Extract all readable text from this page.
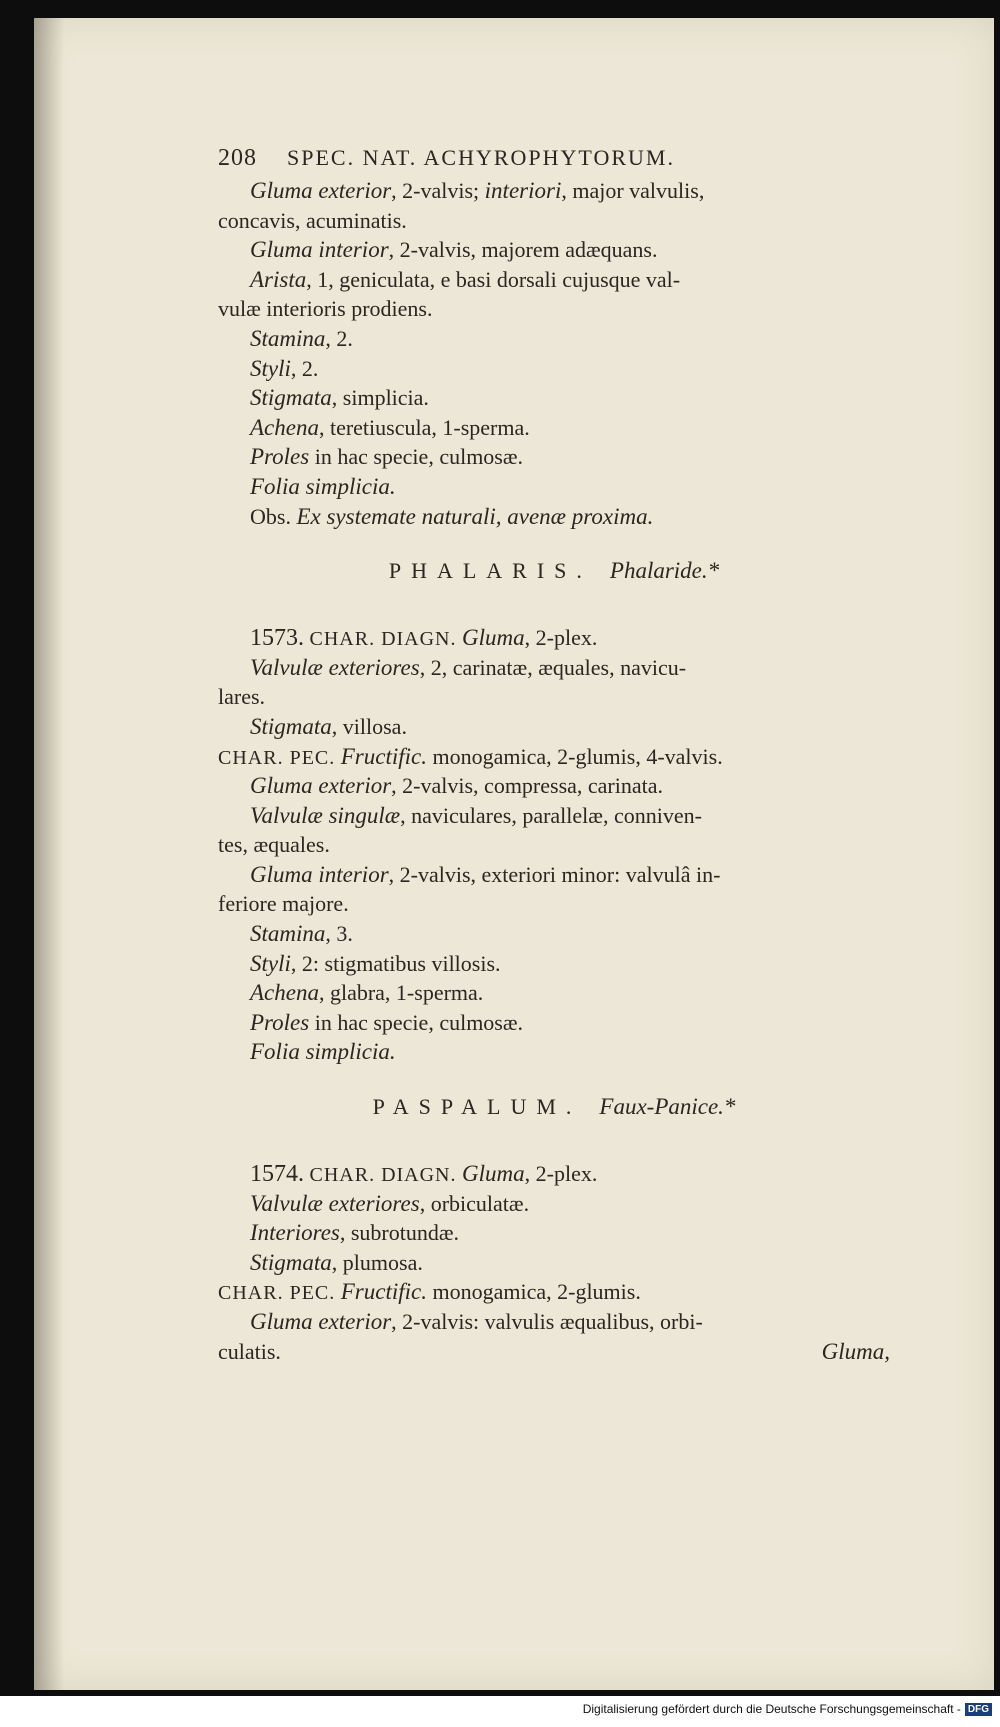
208 SPEC. NAT. ACHYROPHYTORUM.
Gluma exterior, 2-valvis; interiori, major valvulis,
concavis, acuminatis.
Gluma interior, 2-valvis, majorem adæquans.
Arista, 1, geniculata, e basi dorsali cujusque val-
vulæ interioris prodiens.
Stamina, 2.
Styli, 2.
Stigmata, simplicia.
Achena, teretiuscula, 1-sperma.
Proles in hac specie, culmosæ.
Folia simplicia.
Obs. Ex systemate naturali, avenæ proxima.
PHALARIS. Phalaride.*
1573. CHAR. DIAGN. Gluma, 2-plex.
Valvulæ exteriores, 2, carinatæ, æquales, navicu-
lares.
Stigmata, villosa.
CHAR. PEC. Fructific. monogamica, 2-glumis, 4-valvis.
Gluma exterior, 2-valvis, compressa, carinata.
Valvulæ singulæ, naviculares, parallelæ, conniven-
tes, æquales.
Gluma interior, 2-valvis, exteriori minor: valvulâ in-
feriore majore.
Stamina, 3.
Styli, 2: stigmatibus villosis.
Achena, glabra, 1-sperma.
Proles in hac specie, culmosæ.
Folia simplicia.
PASPALUM. Faux-Panice.*
1574. CHAR. DIAGN. Gluma, 2-plex.
Valvulæ exteriores, orbiculatæ.
Interiores, subrotundæ.
Stigmata, plumosa.
CHAR. PEC. Fructific. monogamica, 2-glumis.
Gluma exterior, 2-valvis: valvulis æqualibus, orbi-
culatis.	Gluma,
Digitalisierung gefördert durch die Deutsche Forschungsgemeinschaft - DFG
